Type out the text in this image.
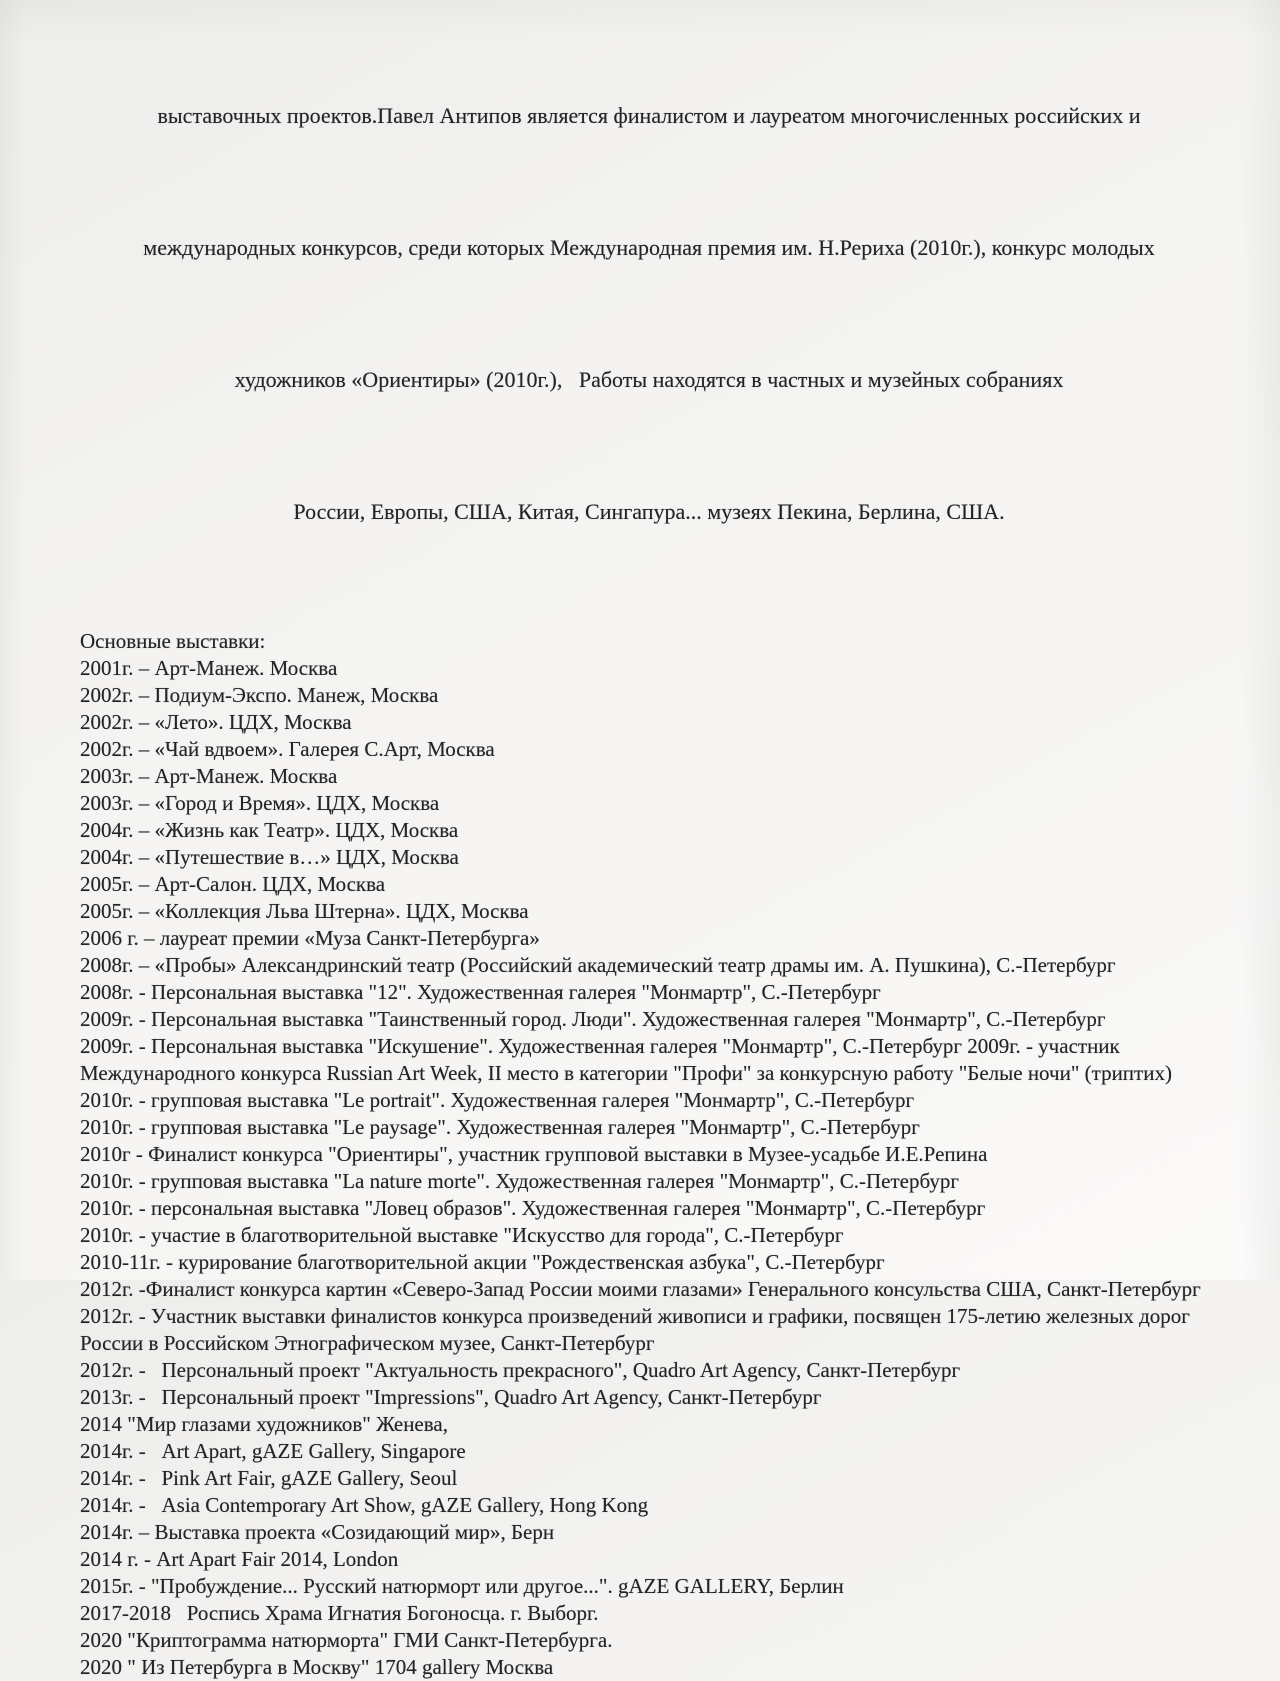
выставочных проектов.Павел Антипов является финалистом и лауреатом многочисленных российских и

международных конкурсов, среди которых Международная премия им. Н.Рериха (2010г.), конкурс молодых

художников «Ориентиры» (2010г.),   Работы находятся в частных и музейных собраниях

России, Европы, США, Китая, Сингапура... музеях Пекина, Берлина, США.

Основные выставки:
2001г. – Арт-Манеж. Москва
2002г. – Подиум-Экспо. Манеж, Москва
2002г. – «Лето». ЦДХ, Москва
2002г. – «Чай вдвоем». Галерея С.Арт, Москва
2003г. – Арт-Манеж. Москва
2003г. – «Город и Время». ЦДХ, Москва
2004г. – «Жизнь как Театр». ЦДХ, Москва
2004г. – «Путешествие в…» ЦДХ, Москва
2005г. – Арт-Салон. ЦДХ, Москва
2005г. – «Коллекция Льва Штерна». ЦДХ, Москва
2006 г. – лауреат премии «Муза Санкт-Петербурга»
2008г. – «Пробы» Александринский театр (Российский академический театр драмы им. А. Пушкина), С.-Петербург
2008г. - Персональная выставка "12". Художественная галерея "Монмартр", С.-Петербург
2009г. - Персональная выставка "Таинственный город. Люди". Художественная галерея "Монмартр", С.-Петербург
2009г. - Персональная выставка "Искушение". Художественная галерея "Монмартр", С.-Петербург 2009г. - участник Международного конкурса Russian Art Week, II место в категории "Профи" за конкурсную работу "Белые ночи" (триптих)
2010г. - групповая выставка "Le portrait". Художественная галерея "Монмартр", С.-Петербург
2010г. - групповая выставка "Le paysage". Художественная галерея "Монмартр", С.-Петербург
2010г - Финалист конкурса "Ориентиры", участник групповой выставки в Музее-усадьбе И.Е.Репина
2010г. - групповая выставка "La nature morte". Художественная галерея "Монмартр", С.-Петербург
2010г. - персональная выставка "Ловец образов". Художественная галерея "Монмартр", С.-Петербург
2010г. - участие в благотворительной выставке "Искусство для города", С.-Петербург
2010-11г. - курирование благотворительной акции "Рождественская азбука", С.-Петербург
2012г. -Финалист конкурса картин «Северо-Запад России моими глазами» Генерального консульства США, Санкт-Петербург
2012г. - Участник выставки финалистов конкурса произведений живописи и графики, посвящен 175-летию железных дорог России в Российском Этнографическом музее, Санкт-Петербург
2012г. -   Персональный проект "Актуальность прекрасного", Quadro Art Agency, Санкт-Петербург
2013г. -   Персональный проект "Impressions", Quadro Art Agency, Санкт-Петербург
2014 "Мир глазами художников" Женева,
2014г. -   Art Apart, gAZE Gallery, Singapore
2014г. -   Pink Art Fair, gAZE Gallery, Seoul
2014г. -   Asia Contemporary Art Show, gAZE Gallery, Hong Kong
2014г. – Выставка проекта «Созидающий мир», Берн
2014 г. - Art Apart Fair 2014, London
2015г. - "Пробуждение... Русский натюрморт или другое...". gAZE GALLERY, Берлин
2017-2018   Роспись Храма Игнатия Богоносца. г. Выборг.
2020 "Криптограмма натюрморта" ГМИ Санкт-Петербурга.
2020 " Из Петербурга в Москву" 1704 gallery Москва
